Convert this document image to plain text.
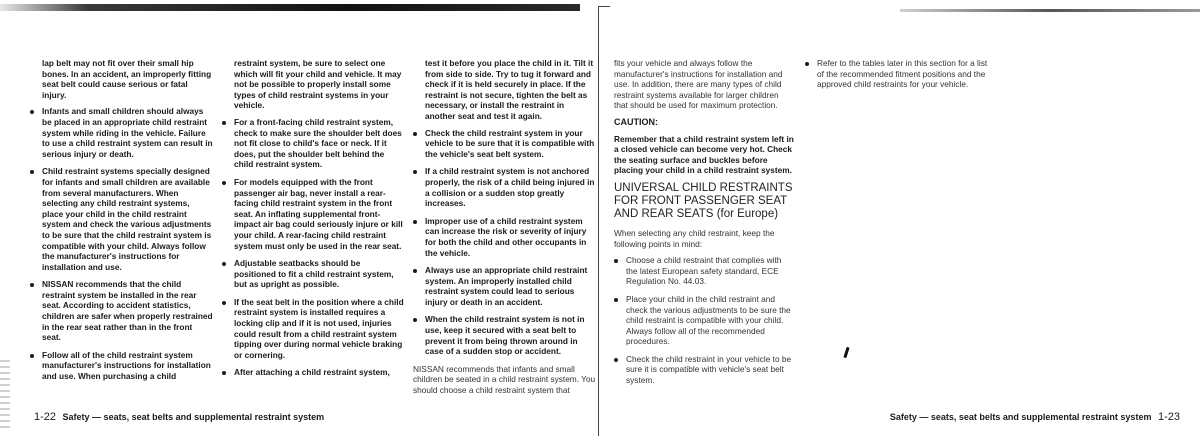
lap belt may not fit over their small hip bones. In an accident, an improperly fitting seat belt could cause serious or fatal injury.

Infants and small children should always be placed in an appropriate child restraint system while riding in the vehicle. Failure to use a child restraint system can result in serious injury or death.
Child restraint systems specially designed for infants and small children are available from several manufacturers. When selecting any child restraint systems, place your child in the child restraint system and check the various adjustments to be sure that the child restraint system is compatible with your child. Always follow the manufacturer's instructions for installation and use.
NISSAN recommends that the child restraint system be installed in the rear seat. According to accident statistics, children are safer when properly restrained in the rear seat rather than in the front seat.
Follow all of the child restraint system manufacturer's instructions for installation and use. When purchasing a child

restraint system, be sure to select one which will fit your child and vehicle. It may not be possible to properly install some types of child restraint systems in your vehicle.

For a front-facing child restraint system, check to make sure the shoulder belt does not fit close to child's face or neck. If it does, put the shoulder belt behind the child restraint system.
For models equipped with the front passenger air bag, never install a rear-facing child restraint system in the front seat. An inflating supplemental front-impact air bag could seriously injure or kill your child. A rear-facing child restraint system must only be used in the rear seat.
Adjustable seatbacks should be positioned to fit a child restraint system, but as upright as possible.
If the seat belt in the position where a child restraint system is installed requires a locking clip and if it is not used, injuries could result from a child restraint system tipping over during normal vehicle braking or cornering.
After attaching a child restraint system,

test it before you place the child in it. Tilt it from side to side. Try to tug it forward and check if it is held securely in place. If the restraint is not secure, tighten the belt as necessary, or install the restraint in another seat and test it again.

Check the child restraint system in your vehicle to be sure that it is compatible with the vehicle's seat belt system.
If a child restraint system is not anchored properly, the risk of a child being injured in a collision or a sudden stop greatly increases.
Improper use of a child restraint system can increase the risk or severity of injury for both the child and other occupants in the vehicle.
Always use an appropriate child restraint system. An improperly installed child restraint system could lead to serious injury or death in an accident.
When the child restraint system is not in use, keep it secured with a seat belt to prevent it from being thrown around in case of a sudden stop or accident.

NISSAN recommends that infants and small children be seated in a child restraint system. You should choose a child restraint system that

fits your vehicle and always follow the manufacturer's instructions for installation and use. In addition, there are many types of child restraint systems available for larger children that should be used for maximum protection.

CAUTION:

Remember that a child restraint system left in a closed vehicle can become very hot. Check the seating surface and buckles before placing your child in a child restraint system.

UNIVERSAL CHILD RESTRAINTS
FOR FRONT PASSENGER SEAT
AND REAR SEATS (for Europe)

When selecting any child restraint, keep the following points in mind:

Choose a child restraint that complies with the latest European safety standard, ECE Regulation No. 44.03.
Place your child in the child restraint and check the various adjustments to be sure the child restraint is compatible with your child. Always follow all of the recommended procedures.
Check the child restraint in your vehicle to be sure it is compatible with vehicle's seat belt system.
Refer to the tables later in this section for a list of the recommended fitment positions and the approved child restraints for your vehicle.
1-22 Safety — seats, seat belts and supplemental restraint system	Safety — seats, seat belts and supplemental restraint system 1-23
